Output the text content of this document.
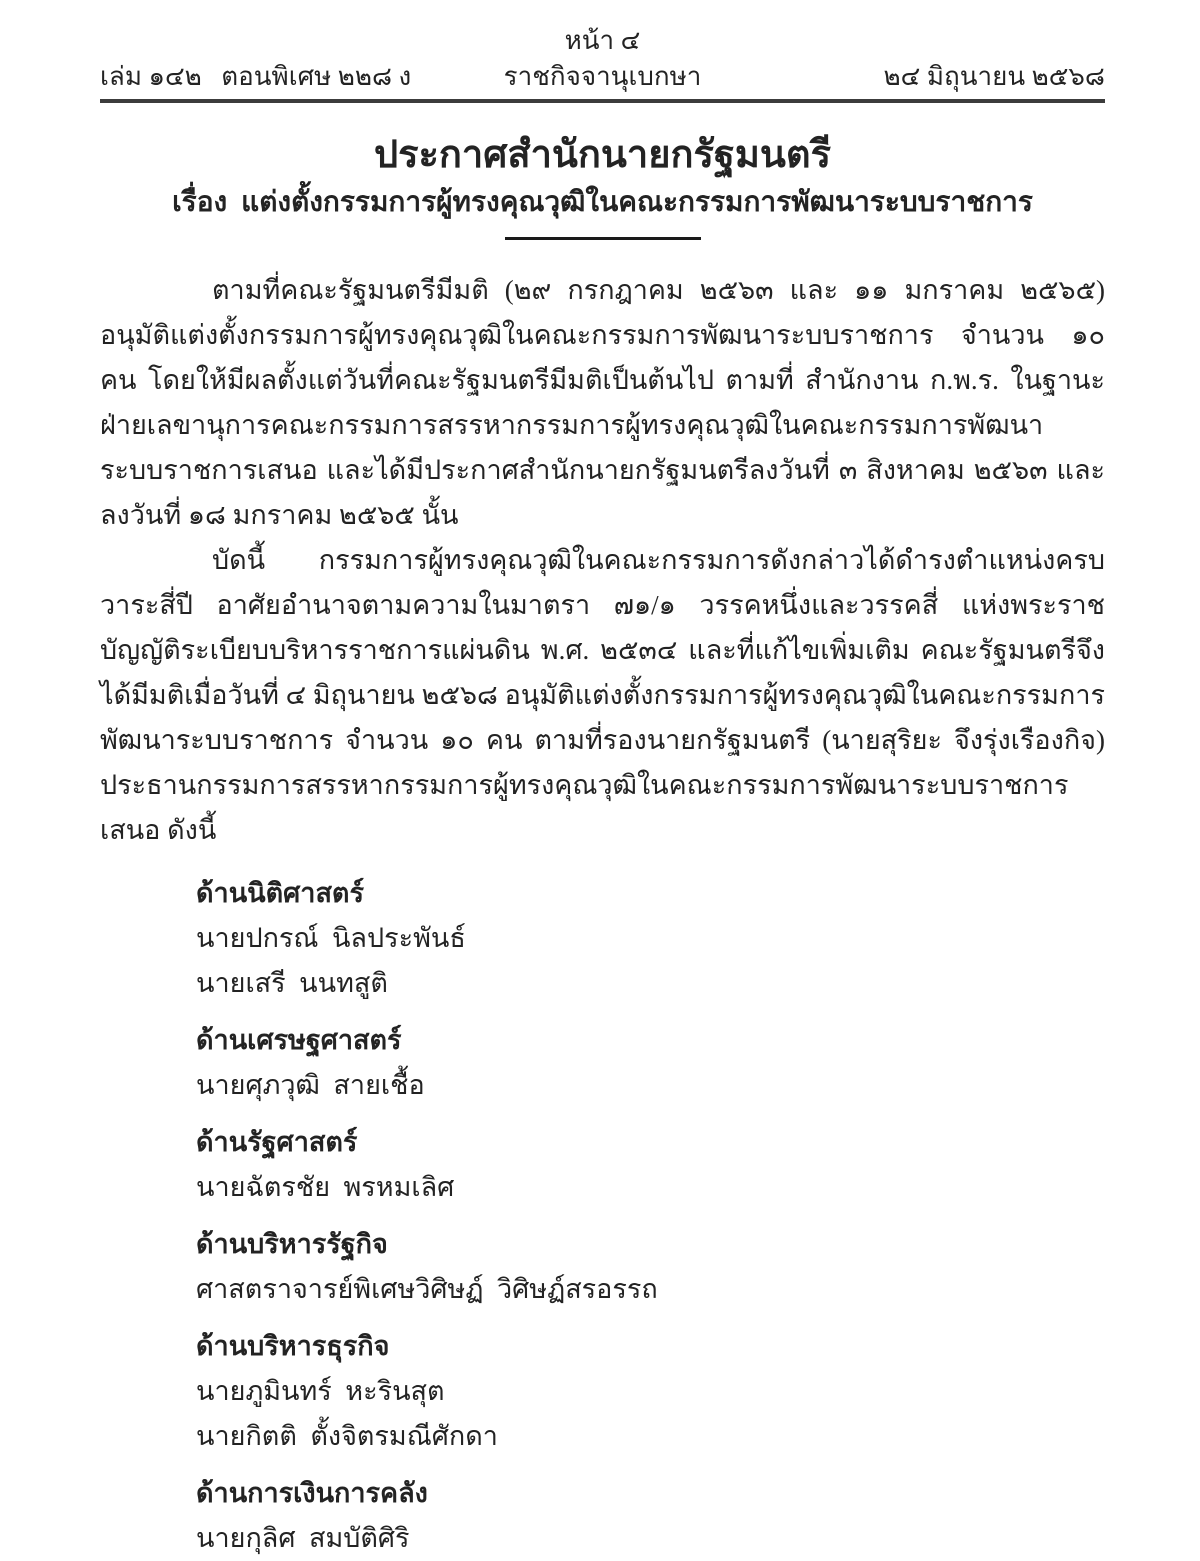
หน้า ๔
เล่ม ๑๔๒   ตอนพิเศษ ๒๒๘ ง	ราชกิจจานุเบกษา	๒๔ มิถุนายน ๒๕๖๘
ประกาศสำนักนายกรัฐมนตรี
เรื่อง  แต่งตั้งกรรมการผู้ทรงคุณวุฒิในคณะกรรมการพัฒนาระบบราชการ

ตามที่คณะรัฐมนตรีมีมติ (๒๙ กรกฎาคม ๒๕๖๓ และ ๑๑ มกราคม ๒๕๖๕) อนุมัติแต่งตั้ง​กรรมการผู้ทรงคุณวุฒิในคณะกรรมการพัฒนาระบบราชการ จำนวน ๑๐ คน โดยให้มีผลตั้งแต่วันที่​คณะรัฐมนตรีมีมติเป็นต้นไป ตามที่ สำนักงาน ก.พ.ร. ในฐานะฝ่ายเลขานุการคณะกรรมการสรรหา​กรรมการผู้ทรงคุณวุฒิในคณะกรรมการพัฒนาระบบราชการเสนอ และได้มีประกาศสำนักนายกรัฐมนตรี​ลงวันที่ ๓ สิงหาคม ๒๕๖๓ และลงวันที่ ๑๘ มกราคม ๒๕๖๕ นั้น

บัดนี้ กรรมการผู้ทรงคุณวุฒิในคณะกรรมการดังกล่าวได้ดำรงตำแหน่งครบวาระสี่ปี อาศัยอำนาจ​ตามความในมาตรา ๗๑/๑ วรรคหนึ่งและวรรคสี่ แห่งพระราชบัญญัติระเบียบบริหารราชการแผ่นดิน พ.ศ. ๒๕๓๔ และที่แก้ไขเพิ่มเติม คณะรัฐมนตรีจึงได้มีมติเมื่อวันที่ ๔ มิถุนายน ๒๕๖๘ อนุมัติแต่งตั้ง​กรรมการผู้ทรงคุณวุฒิในคณะกรรมการพัฒนาระบบราชการ จำนวน ๑๐ คน ตามที่รองนายกรัฐมนตรี (นายสุริยะ จึงรุ่งเรืองกิจ) ประธานกรรมการสรรหากรรมการผู้ทรงคุณวุฒิในคณะกรรมการพัฒนา​ระบบราชการเสนอ ดังนี้

ด้านนิติศาสตร์
นายปกรณ์  นิลประพันธ์
นายเสรี  นนทสูติ
ด้านเศรษฐศาสตร์
นายศุภวุฒิ  สายเชื้อ
ด้านรัฐศาสตร์
นายฉัตรชัย  พรหมเลิศ
ด้านบริหารรัฐกิจ
ศาสตราจารย์พิเศษวิศิษฏ์  วิศิษฏ์สรอรรถ
ด้านบริหารธุรกิจ
นายภูมินทร์  หะรินสุต
นายกิตติ  ตั้งจิตรมณีศักดา
ด้านการเงินการคลัง
นายกุลิศ  สมบัติศิริ
